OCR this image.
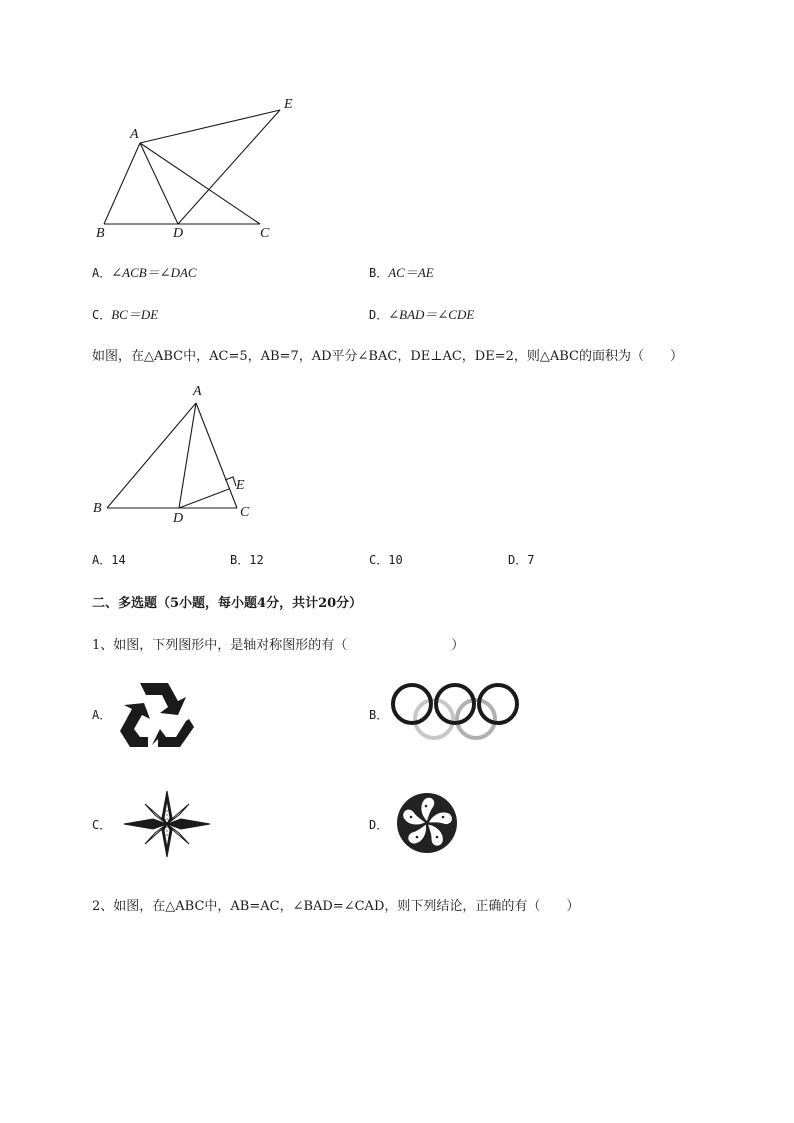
A
B	D	C
E
A．∠ACB＝∠DAC	B．AC＝AE
C．BC＝DE	D．∠BAD＝∠CDE
如图，在△ABC中，AC=5，AB=7，AD平分∠BAC，DE⊥AC，DE=2，则△ABC的面积为（　　）
A
B
D	C
E
A．14	B．12	C．10	D．7
二、多选题（5小题，每小题4分，共计20分）
1、如图，下列图形中，是轴对称图形的有（　　　　　　　　）
A．	B．
C．	D．
2、如图，在△ABC中，AB=AC，∠BAD=∠CAD，则下列结论，正确的有（　　）
